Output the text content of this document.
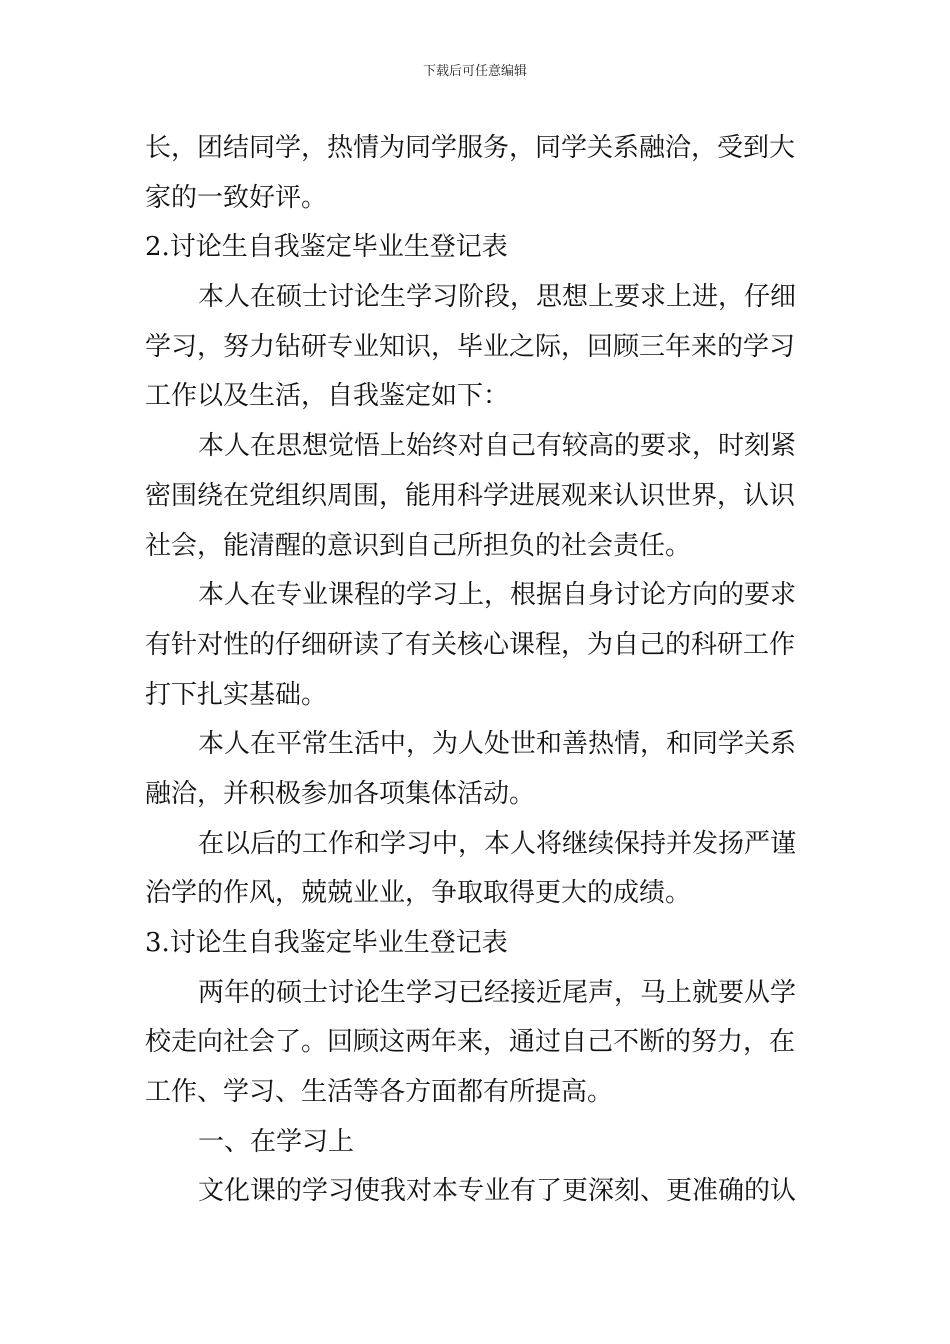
下载后可任意编辑
长，团结同学，热情为同学服务，同学关系融洽，受到大
家的一致好评。
2.讨论生自我鉴定毕业生登记表
本人在硕士讨论生学习阶段，思想上要求上进，仔细
学习，努力钻研专业知识，毕业之际，回顾三年来的学习
工作以及生活，自我鉴定如下：
本人在思想觉悟上始终对自己有较高的要求，时刻紧
密围绕在党组织周围，能用科学进展观来认识世界，认识
社会，能清醒的意识到自己所担负的社会责任。
本人在专业课程的学习上，根据自身讨论方向的要求
有针对性的仔细研读了有关核心课程，为自己的科研工作
打下扎实基础。
本人在平常生活中，为人处世和善热情，和同学关系
融洽，并积极参加各项集体活动。
在以后的工作和学习中，本人将继续保持并发扬严谨
治学的作风，兢兢业业，争取取得更大的成绩。
3.讨论生自我鉴定毕业生登记表
两年的硕士讨论生学习已经接近尾声，马上就要从学
校走向社会了。回顾这两年来，通过自己不断的努力，在
工作、学习、生活等各方面都有所提高。
一、在学习上
文化课的学习使我对本专业有了更深刻、更准确的认
